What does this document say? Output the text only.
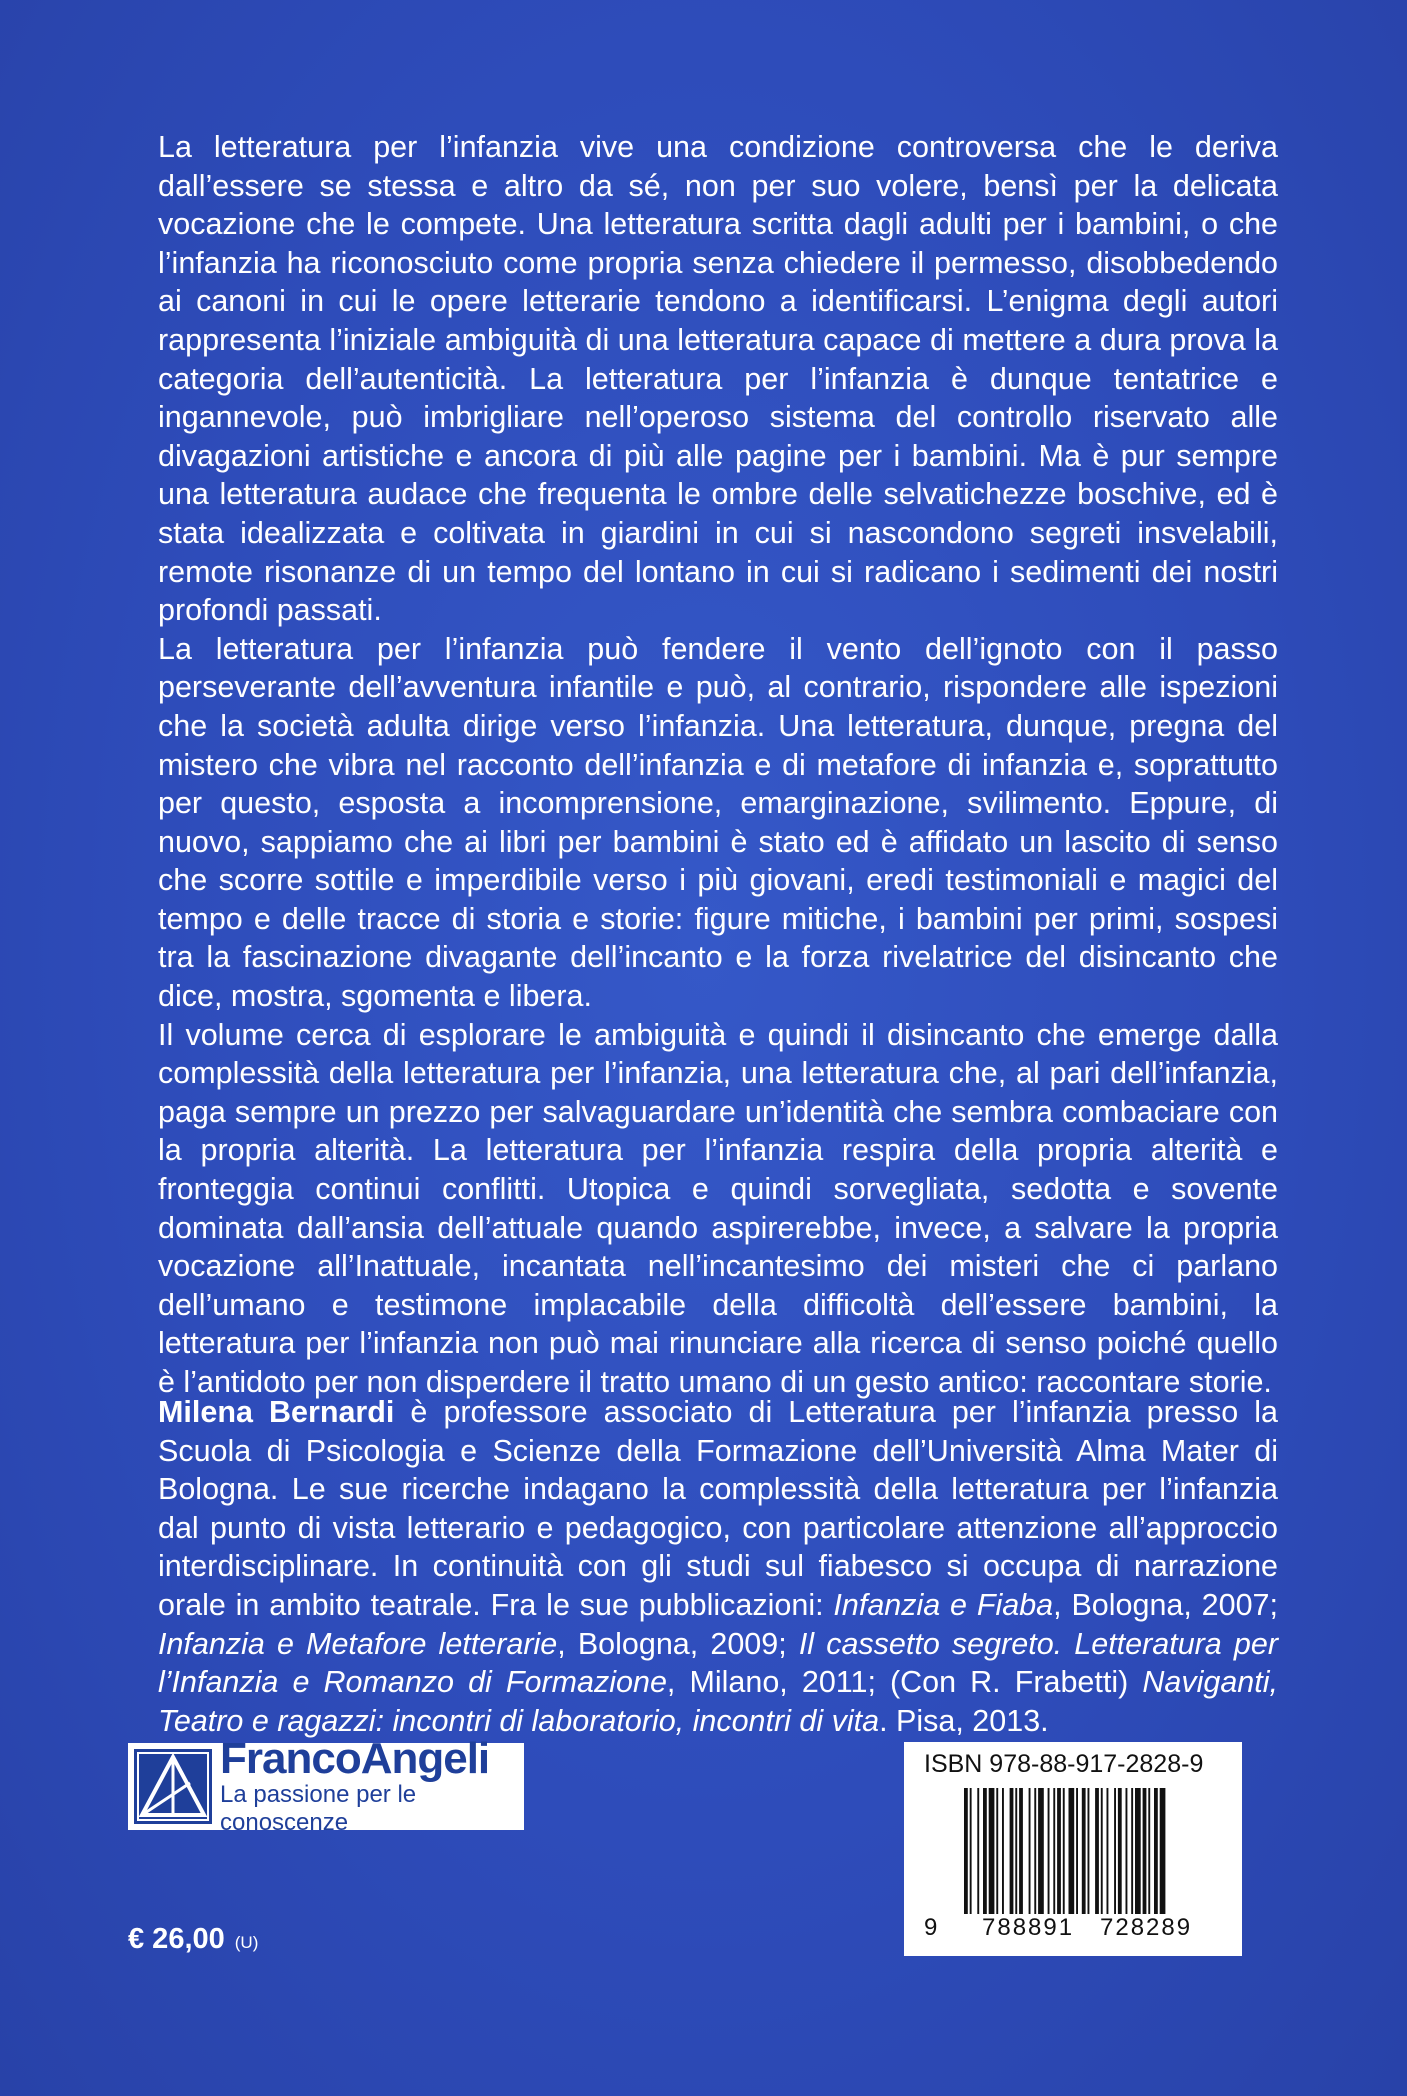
La letteratura per l’infanzia vive una condizione controversa che le deriva dall’essere se stessa e altro da sé, non per suo volere, bensì per la delicata vocazione che le compete. Una letteratura scritta dagli adulti per i bambini, o che l’infanzia ha riconosciuto come propria senza chiedere il permesso, disobbedendo ai canoni in cui le opere letterarie tendono a identificarsi. L’enigma degli autori rappresenta l’iniziale ambiguità di una letteratura capace di mettere a dura prova la categoria dell’autenticità. La letteratura per l’infanzia è dunque tentatrice e ingannevole, può imbrigliare nell’operoso sistema del controllo riservato alle divagazioni artistiche e ancora di più alle pagine per i bambini. Ma è pur sempre una letteratura audace che frequenta le ombre delle selvatichezze boschive, ed è stata idealizzata e coltivata in giardini in cui si nascondono segreti insvelabili, remote risonanze di un tempo del lontano in cui si radicano i sedimenti dei nostri profondi passati.

La letteratura per l’infanzia può fendere il vento dell’ignoto con il passo perseverante dell’avventura infantile e può, al contrario, rispondere alle ispezioni che la società adulta dirige verso l’infanzia. Una letteratura, dunque, pregna del mistero che vibra nel racconto dell’infanzia e di metafore di infanzia e, soprattutto per questo, esposta a incomprensione, emarginazione, svilimento. Eppure, di nuovo, sappiamo che ai libri per bambini è stato ed è affidato un lascito di senso che scorre sottile e imperdibile verso i più giovani, eredi testimoniali e magici del tempo e delle tracce di storia e storie: figure mitiche, i bambini per primi, sospesi tra la fascinazione divagante dell’incanto e la forza rivelatrice del disincanto che dice, mostra, sgomenta e libera.

Il volume cerca di esplorare le ambiguità e quindi il disincanto che emerge dalla complessità della letteratura per l’infanzia, una letteratura che, al pari dell’infanzia, paga sempre un prezzo per salvaguardare un’identità che sembra combaciare con la propria alterità. La letteratura per l’infanzia respira della propria alterità e fronteggia continui conflitti. Utopica e quindi sorvegliata, sedotta e sovente dominata dall’ansia dell’attuale quando aspirerebbe, invece, a salvare la propria vocazione all’Inattuale, incantata nell’incantesimo dei misteri che ci parlano dell’umano e testimone implacabile della difficoltà dell’essere bambini, la letteratura per l’infanzia non può mai rinunciare alla ricerca di senso poiché quello è l’antidoto per non disperdere il tratto umano di un gesto antico: raccontare storie.

Milena Bernardi è professore associato di Letteratura per l’infanzia presso la Scuola di Psicologia e Scienze della Formazione dell’Università Alma Mater di Bologna. Le sue ricerche indagano la complessità della letteratura per l’infanzia dal punto di vista letterario e pedagogico, con particolare attenzione all’approccio interdisciplinare. In continuità con gli studi sul fiabesco si occupa di narrazione orale in ambito teatrale. Fra le sue pubblicazioni: Infanzia e Fiaba, Bologna, 2007; Infanzia e Metafore letterarie, Bologna, 2009; Il cassetto segreto. Letteratura per l’Infanzia e Romanzo di Formazione, Milano, 2011; (Con R. Frabetti) Naviganti, Teatro e ragazzi: incontri di laboratorio, incontri di vita. Pisa, 2013.

FrancoAngeli
La passione per le conoscenze
ISBN 978-88-917-2828-9
9 788891 728289
€ 26,00 (U)
